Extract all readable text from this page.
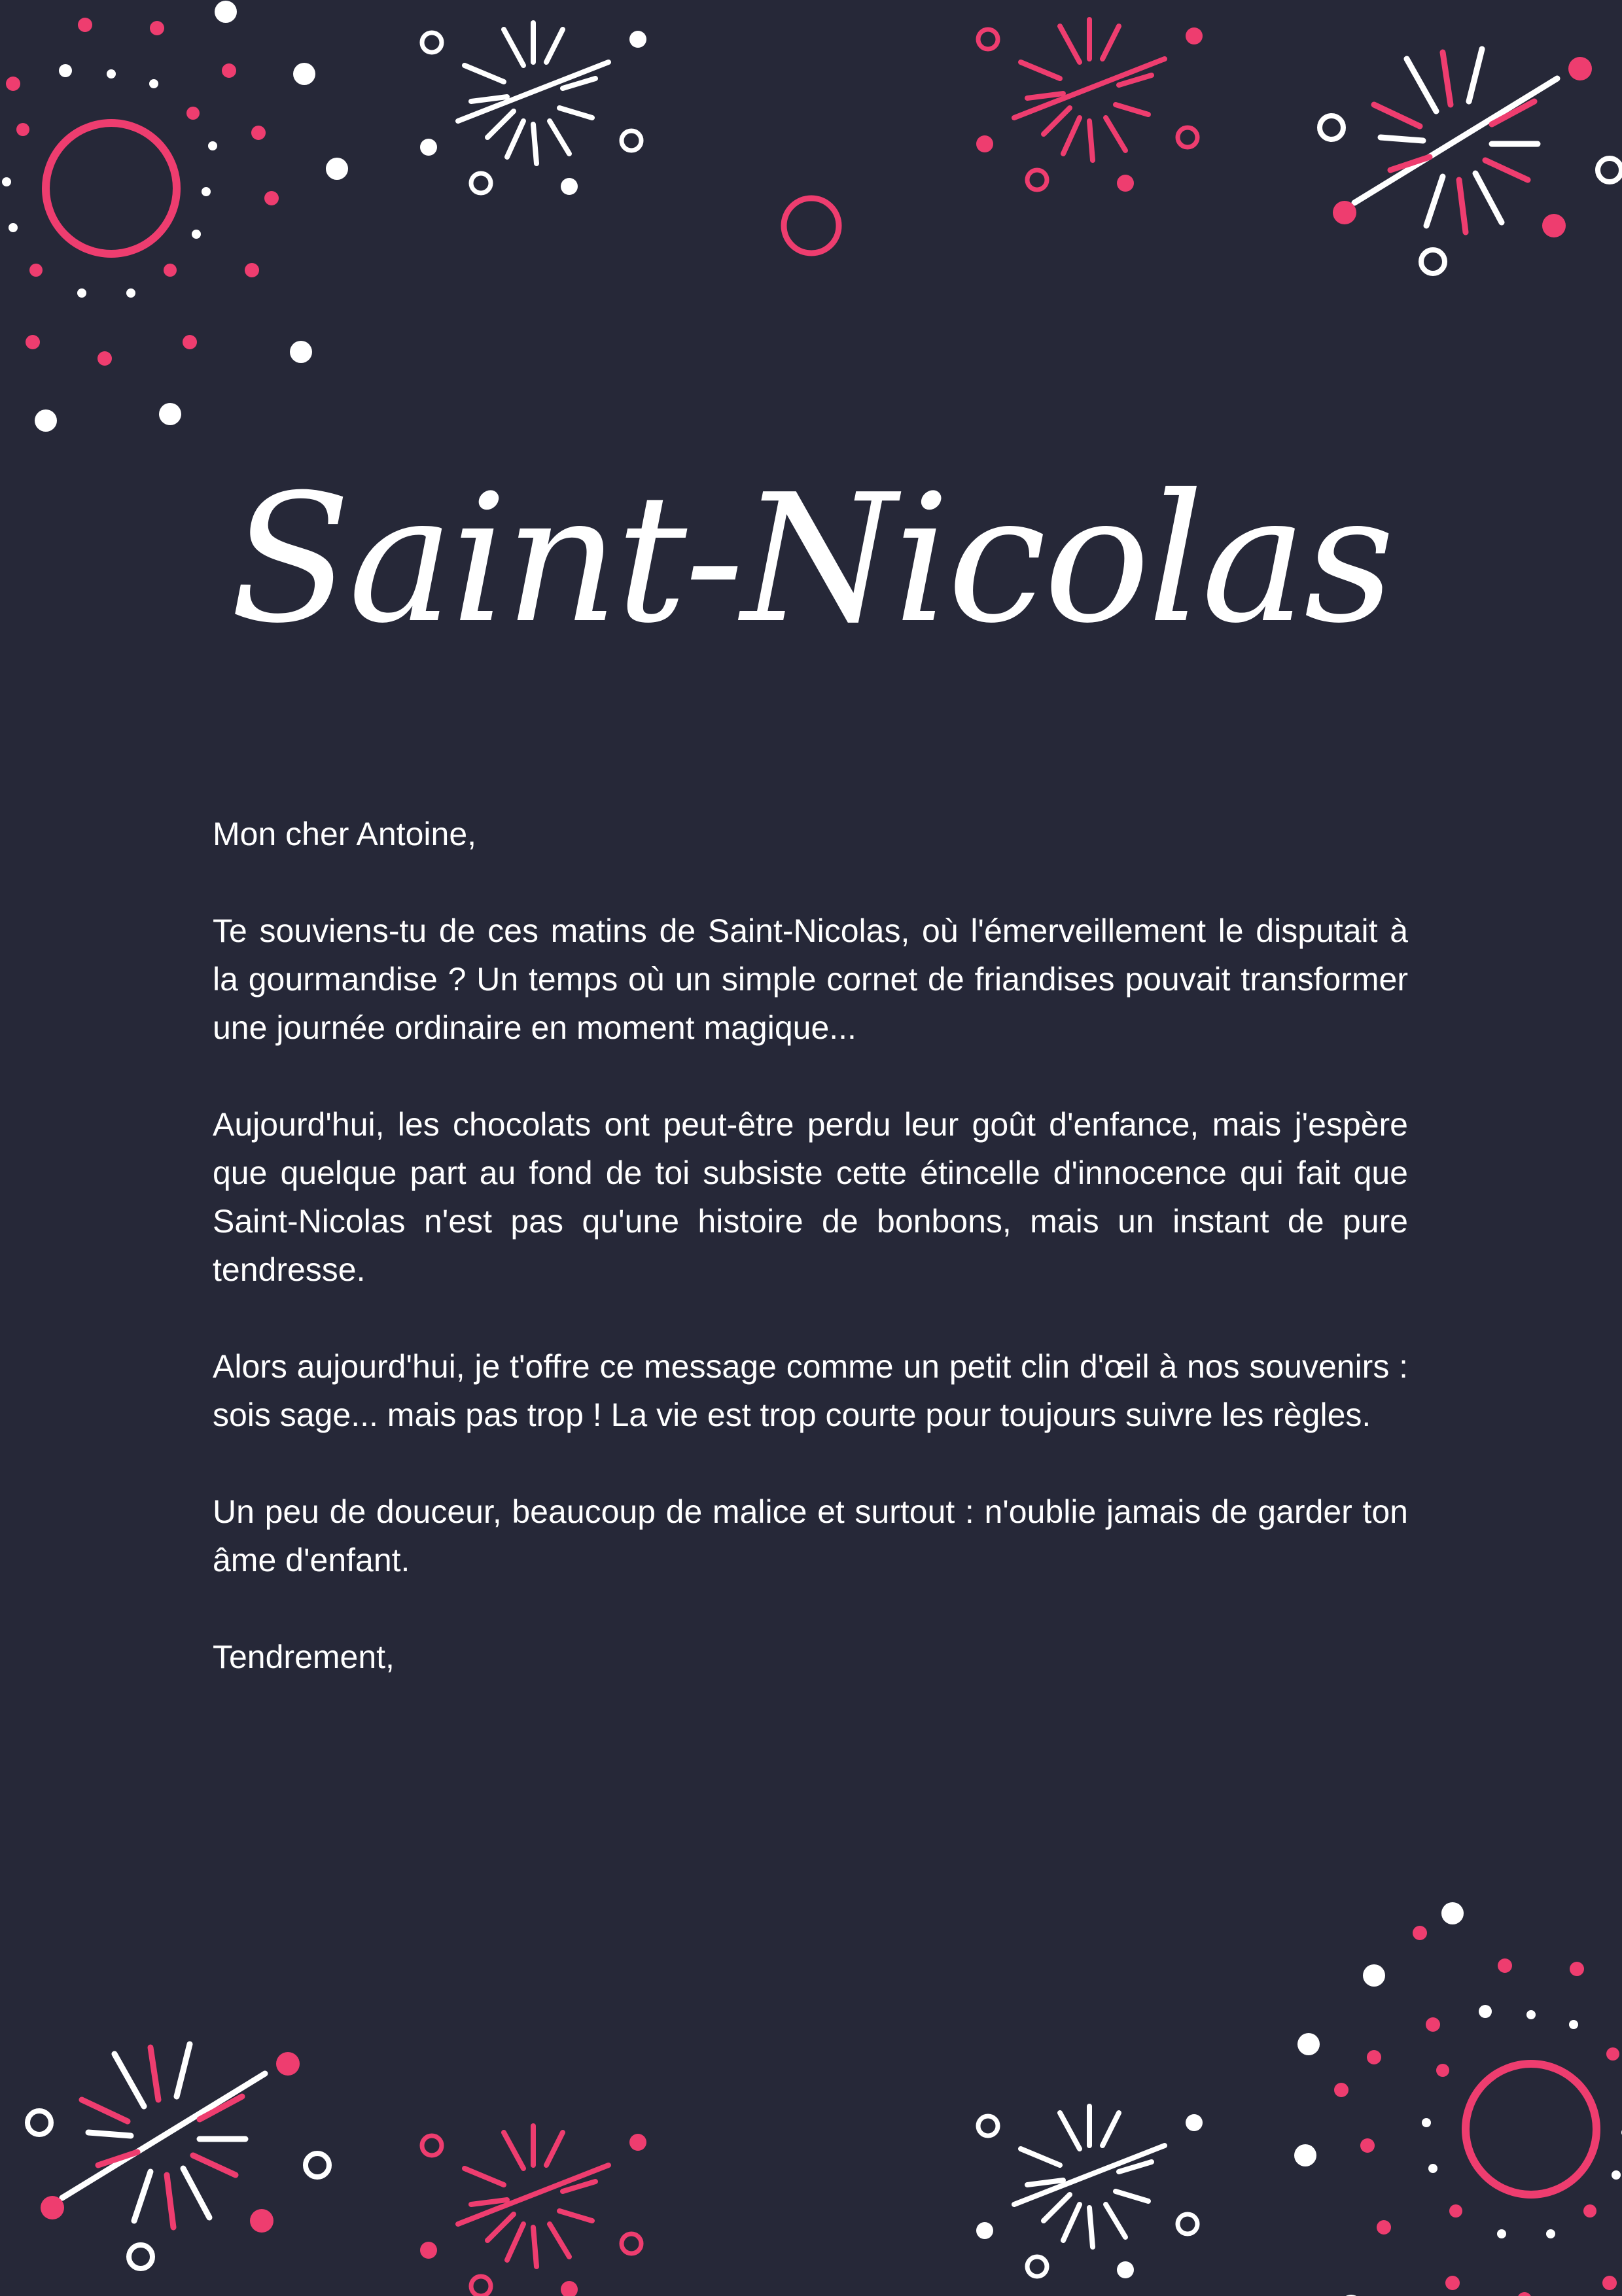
Saint-Nicolas

Mon cher Antoine,

Te souviens-tu de ces matins de Saint-Nicolas, où l'émerveillement le disputait à la gourmandise ? Un temps où un simple cornet de friandises pouvait transformer une journée ordinaire en moment magique...

Aujourd'hui, les chocolats ont peut-être perdu leur goût d'enfance, mais j'espère que quelque part au fond de toi subsiste cette étincelle d'innocence qui fait que Saint-Nicolas n'est pas qu'une histoire de bonbons, mais un instant de pure tendresse.

Alors aujourd'hui, je t'offre ce message comme un petit clin d'œil à nos souvenirs : sois sage... mais pas trop ! La vie est trop courte pour toujours suivre les règles.

Un peu de douceur, beaucoup de malice et surtout : n'oublie jamais de garder ton âme d'enfant.

Tendrement,
